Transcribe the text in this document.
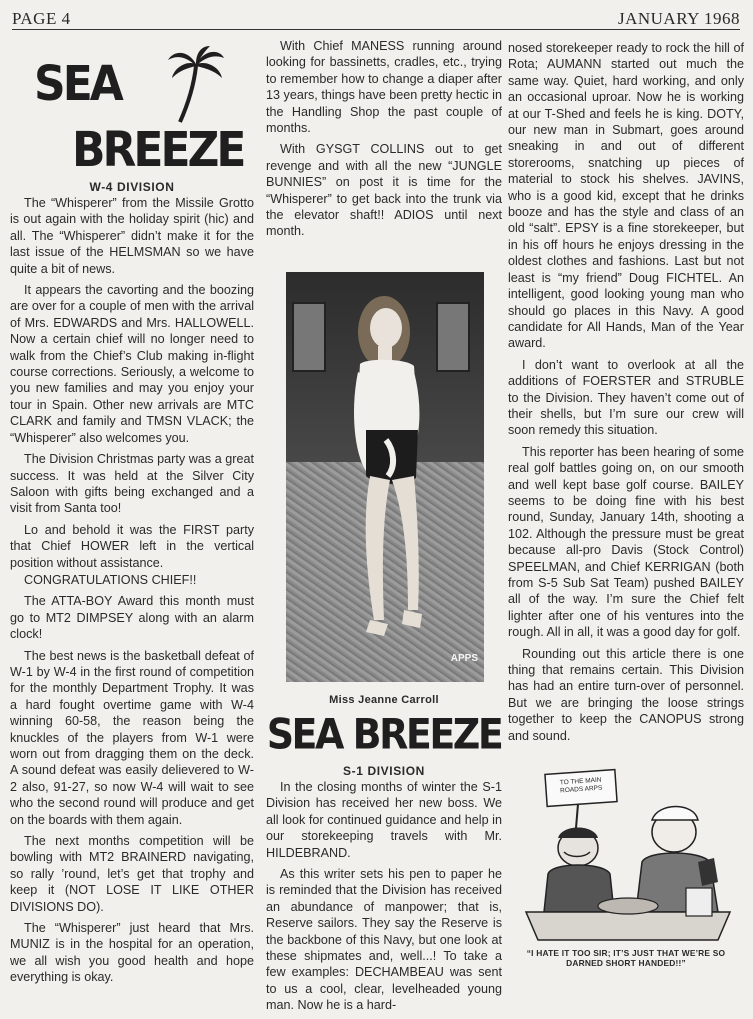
PAGE 4	JANUARY 1968
SEA
BREEZE
W-4 DIVISION

The “Whisperer” from the Missile Grotto is out again with the holiday spirit (hic) and all. The “Whisperer” didn’t make it for the last issue of the HELMSMAN so we have quite a bit of news.

It appears the cavorting and the boozing are over for a couple of men with the arrival of Mrs. EDWARDS and Mrs. HALLOWELL. Now a certain chief will no longer need to walk from the Chief’s Club making in-flight course corrections. Seriously, a welcome to you new families and may you enjoy your tour in Spain. Other new arrivals are MTC CLARK and family and TMSN VLACK; the “Whisperer” also welcomes you.

The Division Christmas party was a great success. It was held at the Silver City Saloon with gifts being exchanged and a visit from Santa too!

Lo and behold it was the FIRST party that Chief HOWER left in the vertical position without assistance.

CONGRATULATIONS CHIEF!!

The ATTA-BOY Award this month must go to MT2 DIMPSEY along with an alarm clock!

The best news is the basketball defeat of W-1 by W-4 in the first round of competition for the monthly Department Trophy. It was a hard fought overtime game with W-4 winning 60-58, the reason being the knuckles of the players from W-1 were worn out from dragging them on the deck. A sound defeat was easily delievered to W-2 also, 91-27, so now W-4 will wait to see who the second round will produce and get on the boards with them again.

The next months competition will be bowling with MT2 BRAINERD navigating, so rally ’round, let’s get that trophy and keep it (NOT LOSE IT LIKE OTHER DIVISIONS DO).

The “Whisperer” just heard that Mrs. MUNIZ is in the hospital for an operation, we all wish you good health and hope everything is okay.

With Chief MANESS running around looking for bassinetts, cradles, etc., trying to remember how to change a diaper after 13 years, things have been pretty hectic in the Handling Shop the past couple of months.

With GYSGT COLLINS out to get revenge and with all the new “JUNGLE BUNNIES” on post it is time for the “Whisperer” to get back into the trunk via the elevator shaft!! ADIOS until next month.

APPS
Miss Jeanne Carroll
SEA BREEZE
S-1 DIVISION

In the closing months of winter the S-1 Division has received her new boss. We all look for continued guidance and help in our storekeeping travels with Mr. HILDEBRAND.

As this writer sets his pen to paper he is reminded that the Division has received an abundance of manpower; that is, Reserve sailors. They say the Reserve is the backbone of this Navy, but one look at these shipmates and, well...! To take a few examples: DECHAMBEAU was sent to us a cool, clear, levelheaded young man. Now he is a hard-

nosed storekeeper ready to rock the hill of Rota; AUMANN started out much the same way. Quiet, hard working, and only an occasional uproar. Now he is working at our T-Shed and feels he is king. DOTY, our new man in Submart, goes around sneaking in and out of different storerooms, snatching up pieces of material to stock his shelves. JAVINS, who is a good kid, except that he drinks booze and has the style and class of an old “salt”. EPSY is a fine storekeeper, but in his off hours he enjoys dressing in the oldest clothes and fashions. Last but not least is “my friend” Doug FICHTEL. An intelligent, good looking young man who should go places in this Navy. A good candidate for All Hands, Man of the Year award.

I don’t want to overlook at all the additions of FOERSTER and STRUBLE to the Division. They haven’t come out of their shells, but I’m sure our crew will soon remedy this situation.

This reporter has been hearing of some real golf battles going on, on our smooth and well kept base golf course. BAILEY seems to be doing fine with his best round, Sunday, January 14th, shooting a 102. Although the pressure must be great because all-pro Davis (Stock Control) SPEELMAN, and Chief KERRIGAN (both from S-5 Sub Sat Team) pushed BAILEY all of the way. I’m sure the Chief felt lighter after one of his ventures into the rough. All in all, it was a good day for golf.

Rounding out this article there is one thing that remains certain. This Division has had an entire turn-over of personnel. But we are bringing the loose strings together to keep the CANOPUS strong and sound.

TO THE MAIN ROADS ARPS
“I HATE IT TOO SIR; IT’S JUST THAT WE’RE SO DARNED SHORT HANDED!!”
